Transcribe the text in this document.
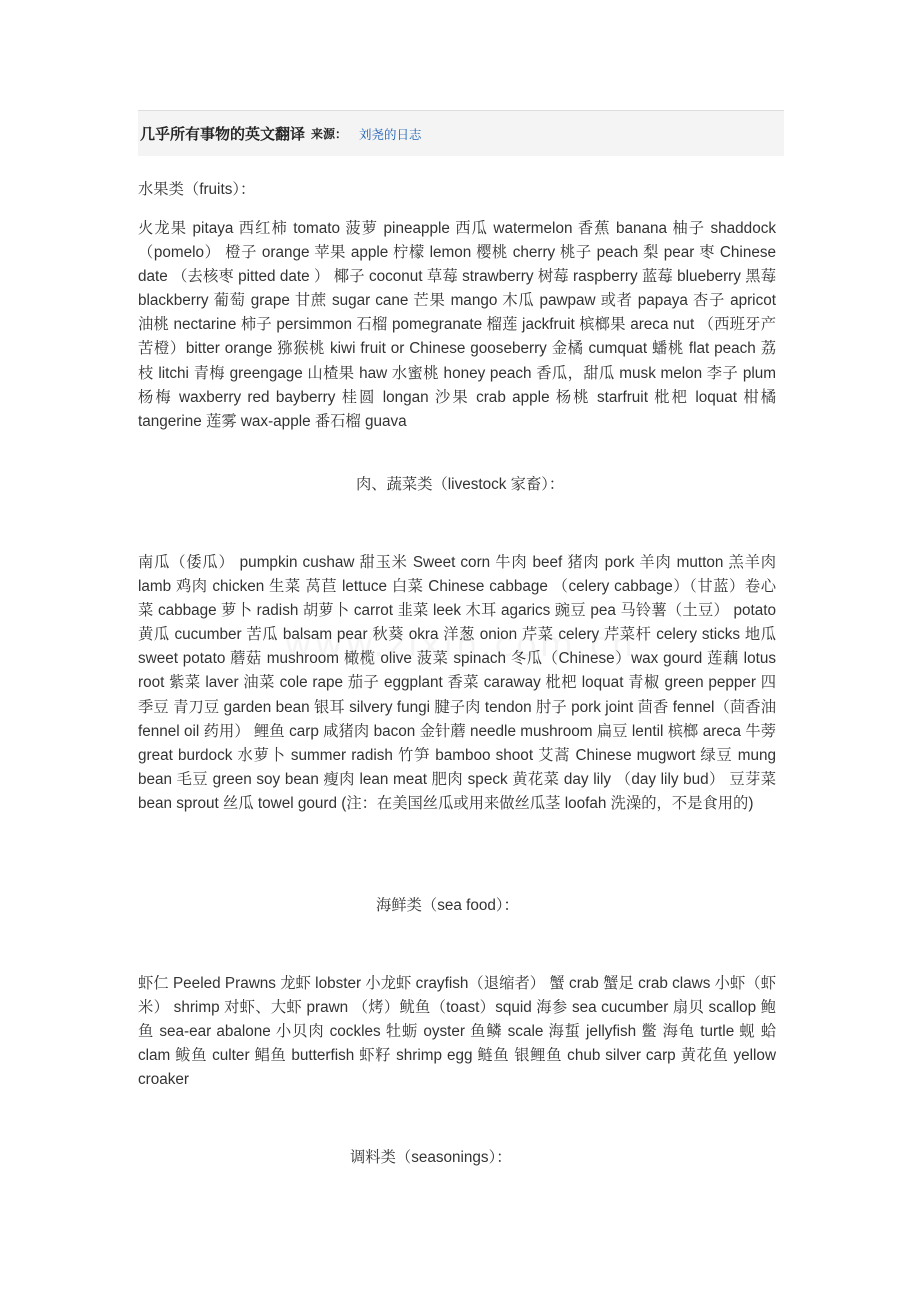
几乎所有事物的英文翻译 来源： 刘尧的日志
水果类（fruits）：

火龙果 pitaya 西红柿 tomato 菠萝 pineapple 西瓜 watermelon 香蕉 banana 柚子 shaddock （pomelo） 橙子 orange 苹果 apple 柠檬 lemon 樱桃 cherry 桃子 peach 梨 pear 枣 Chinese date （去核枣 pitted date ） 椰子 coconut 草莓 strawberry 树莓 raspberry 蓝莓 blueberry 黑莓 blackberry 葡萄 grape 甘蔗 sugar cane 芒果 mango 木瓜 pawpaw 或者 papaya 杏子 apricot 油桃 nectarine 柿子 persimmon 石榴 pomegranate 榴莲 jackfruit 槟榔果 areca nut （西班牙产苦橙）bitter orange 猕猴桃 kiwi fruit or Chinese gooseberry 金橘 cumquat 蟠桃 flat peach 荔枝 litchi 青梅 greengage 山楂果 haw 水蜜桃 honey peach 香瓜，甜瓜 musk melon 李子 plum 杨梅 waxberry red bayberry 桂圆 longan 沙果 crab apple 杨桃 starfruit 枇杷 loquat 柑橘 tangerine 莲雾 wax-apple 番石榴 guava

肉、蔬菜类（livestock 家畜）：

南瓜（倭瓜） pumpkin cushaw 甜玉米 Sweet corn 牛肉 beef 猪肉 pork 羊肉 mutton 羔羊肉 lamb 鸡肉 chicken 生菜 莴苣 lettuce 白菜 Chinese cabbage （celery cabbage）（甘蓝）卷心菜 cabbage 萝卜 radish 胡萝卜 carrot 韭菜 leek 木耳 agarics 豌豆 pea 马铃薯（土豆） potato 黄瓜 cucumber 苦瓜 balsam pear 秋葵 okra 洋葱 onion 芹菜 celery 芹菜杆 celery sticks 地瓜 sweet potato 蘑菇 mushroom 橄榄 olive 菠菜 spinach 冬瓜（Chinese）wax gourd 莲藕 lotus root 紫菜 laver 油菜 cole rape 茄子 eggplant 香菜 caraway 枇杷 loquat 青椒 green pepper 四季豆 青刀豆 garden bean 银耳 silvery fungi 腱子肉 tendon 肘子 pork joint 茴香 fennel（茴香油 fennel oil 药用） 鲤鱼 carp 咸猪肉 bacon 金针蘑 needle mushroom 扁豆 lentil 槟榔 areca 牛蒡 great burdock 水萝卜 summer radish 竹笋 bamboo shoot 艾蒿 Chinese mugwort 绿豆 mung bean 毛豆 green soy bean 瘦肉 lean meat 肥肉 speck 黄花菜 day lily （day lily bud） 豆芽菜 bean sprout 丝瓜 towel gourd (注：在美国丝瓜或用来做丝瓜茎 loofah 洗澡的，不是食用的)

海鲜类（sea food）：

虾仁 Peeled Prawns 龙虾 lobster 小龙虾 crayfish（退缩者） 蟹 crab 蟹足 crab claws 小虾（虾米） shrimp 对虾、大虾 prawn （烤）鱿鱼（toast）squid 海参 sea cucumber 扇贝 scallop 鲍鱼 sea-ear abalone 小贝肉 cockles 牡蛎 oyster 鱼鳞 scale 海蜇 jellyfish 鳖 海龟 turtle 蚬 蛤 clam 鲅鱼 culter 鲳鱼 butterfish 虾籽 shrimp egg 鲢鱼 银鲤鱼 chub silver carp 黄花鱼 yellow croaker

调料类（seasonings）：
